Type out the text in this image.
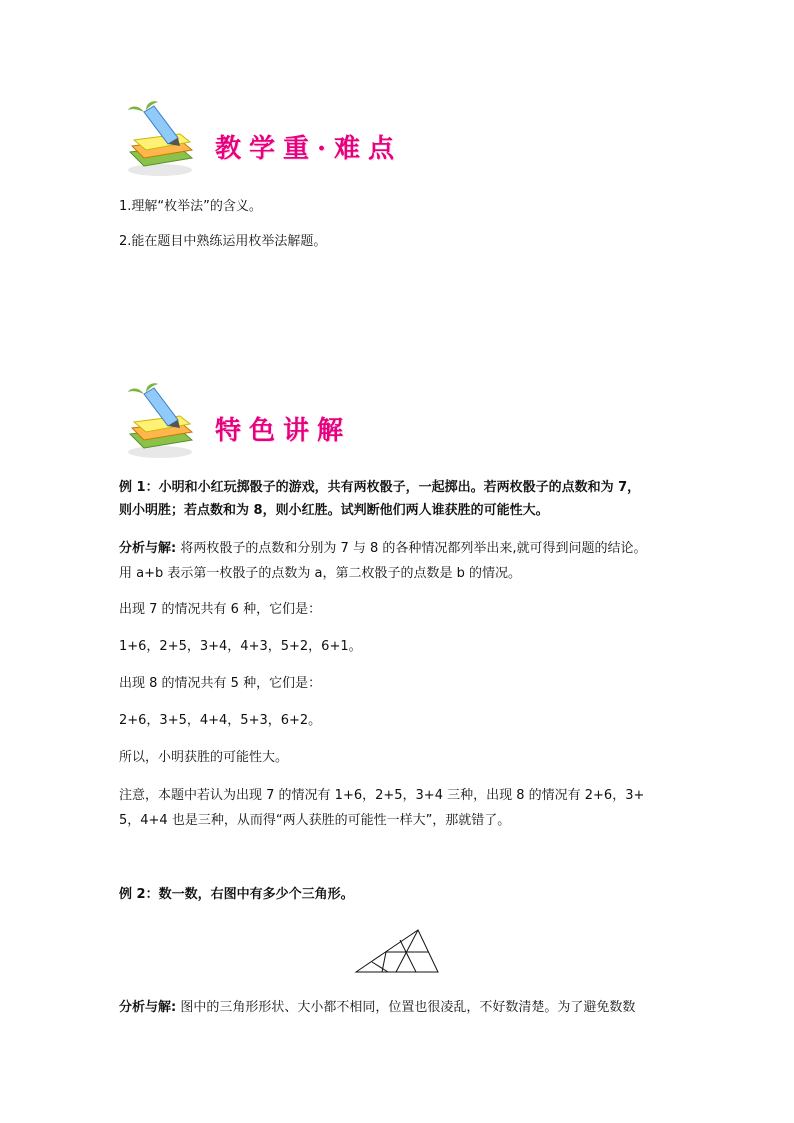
教学重·难点
1.理解“枚举法”的含义。
2.能在题目中熟练运用枚举法解题。
特色讲解
例 1：小明和小红玩掷骰子的游戏，共有两枚骰子，一起掷出。若两枚骰子的点数和为 7，
则小明胜；若点数和为 8，则小红胜。试判断他们两人谁获胜的可能性大。
分析与解: 将两枚骰子的点数和分别为 7 与 8 的各种情况都列举出来,就可得到问题的结论。
用 a+b 表示第一枚骰子的点数为 a，第二枚骰子的点数是 b 的情况。
出现 7 的情况共有 6 种，它们是：
1+6，2+5，3+4，4+3，5+2，6+1。
出现 8 的情况共有 5 种，它们是：
2+6，3+5，4+4，5+3，6+2。
所以，小明获胜的可能性大。
注意，本题中若认为出现 7 的情况有 1+6，2+5，3+4 三种，出现 8 的情况有 2+6，3+
5，4+4 也是三种，从而得“两人获胜的可能性一样大”，那就错了。
例 2：数一数，右图中有多少个三角形。
分析与解: 图中的三角形形状、大小都不相同，位置也很凌乱，不好数清楚。为了避免数数
